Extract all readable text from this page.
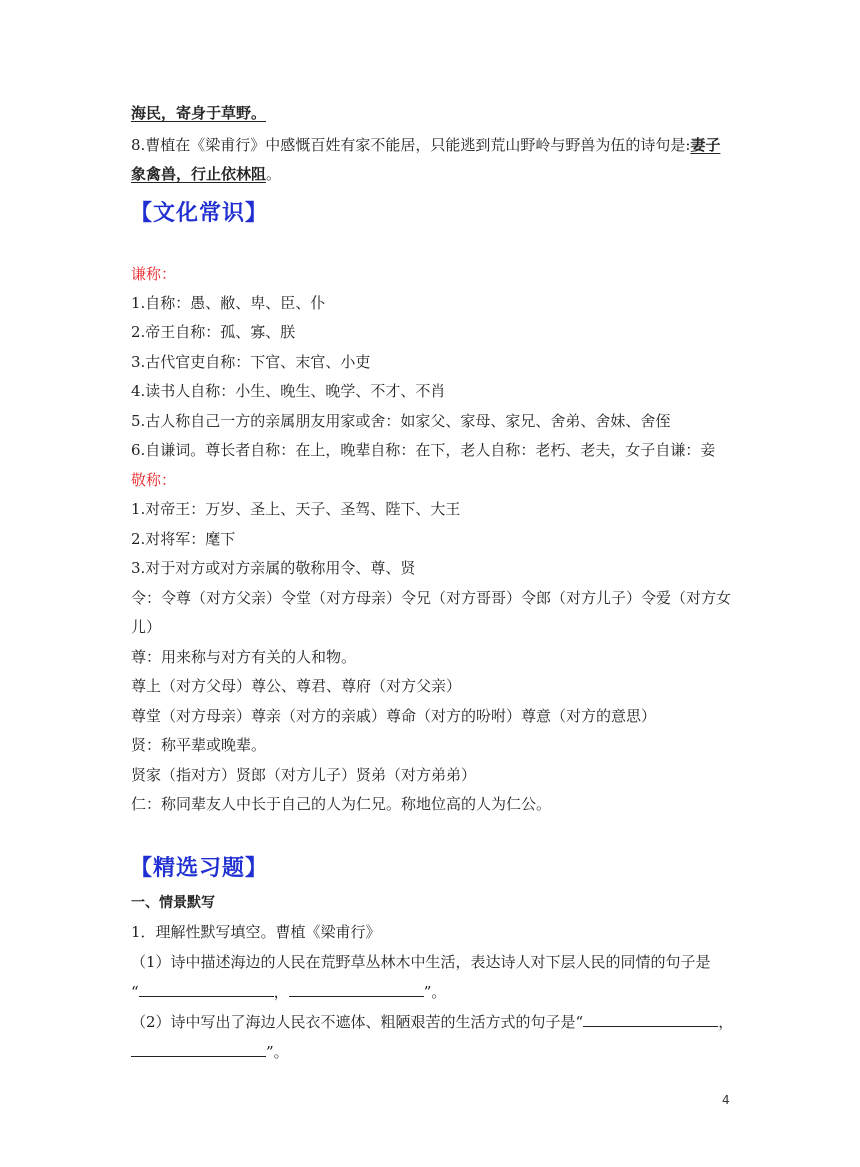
海民，寄身于草野。
8.曹植在《梁甫行》中感慨百姓有家不能居，只能逃到荒山野岭与野兽为伍的诗句是:妻子
象禽兽，行止依林阻。
【文化常识】
谦称：
1.自称：愚、敝、卑、臣、仆
2.帝王自称：孤、寡、朕
3.古代官吏自称：下官、末官、小吏
4.读书人自称：小生、晚生、晚学、不才、不肖
5.古人称自己一方的亲属朋友用家或舍：如家父、家母、家兄、舍弟、舍妹、舍侄
6.自谦词。尊长者自称：在上，晚辈自称：在下，老人自称：老朽、老夫，女子自谦：妾
敬称：
1.对帝王：万岁、圣上、天子、圣驾、陛下、大王
2.对将军：麾下
3.对于对方或对方亲属的敬称用令、尊、贤
令：令尊（对方父亲）令堂（对方母亲）令兄（对方哥哥）令郎（对方儿子）令爱（对方女
儿）
尊：用来称与对方有关的人和物。
尊上（对方父母）尊公、尊君、尊府（对方父亲）
尊堂（对方母亲）尊亲（对方的亲戚）尊命（对方的吩咐）尊意（对方的意思）
贤：称平辈或晚辈。
贤家（指对方）贤郎（对方儿子）贤弟（对方弟弟）
仁：称同辈友人中长于自己的人为仁兄。称地位高的人为仁公。
【精选习题】
一、情景默写
1．理解性默写填空。曹植《梁甫行》
（1）诗中描述海边的人民在荒野草丛林木中生活，表达诗人对下层人民的同情的句子是
“	，	”。
（2）诗中写出了海边人民衣不遮体、粗陋艰苦的生活方式的句子是“	，
”。
4
